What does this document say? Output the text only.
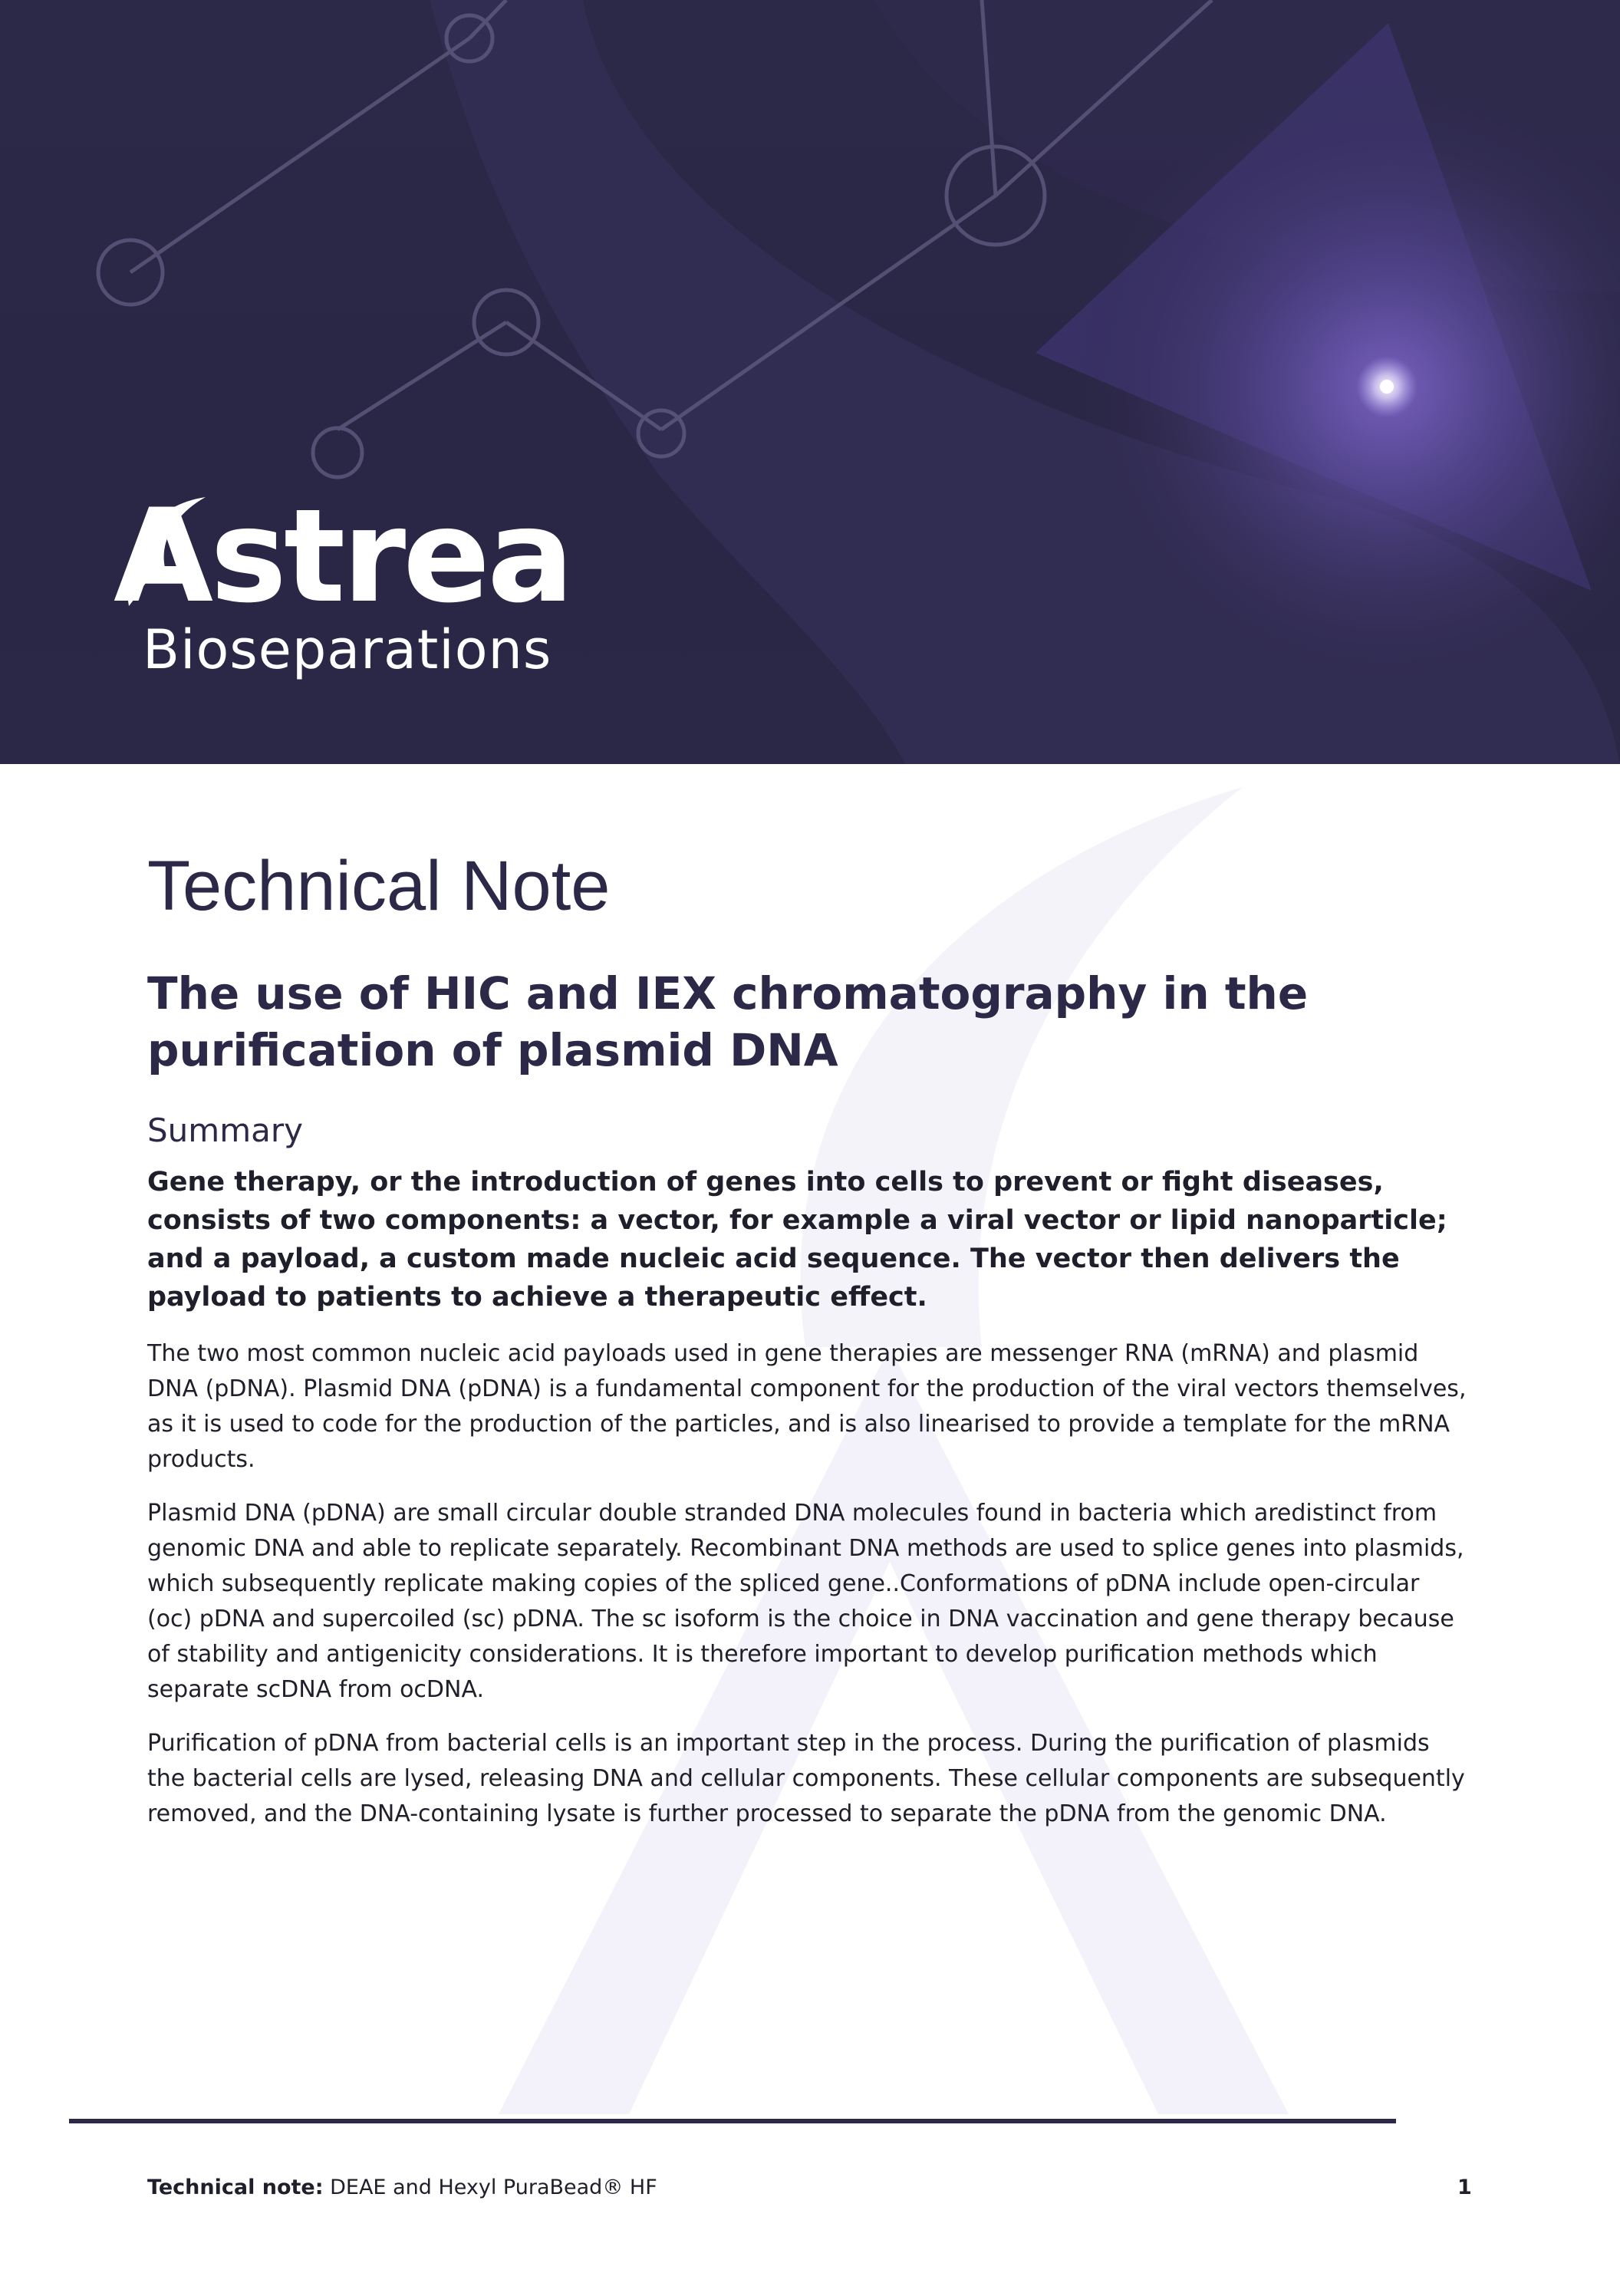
Astrea
Bioseparations
Technical Note
The use of HIC and IEX chromatography in the purification of plasmid DNA
Summary

Gene therapy, or the introduction of genes into cells to prevent or fight diseases, consists of two components: a vector, for example a viral vector or lipid nanoparticle; and a payload, a custom made nucleic acid sequence. The vector then delivers the payload to patients to achieve a therapeutic effect.

The two most common nucleic acid payloads used in gene therapies are messenger RNA (mRNA) and plasmid DNA (pDNA). Plasmid DNA (pDNA) is a fundamental component for the production of the viral vectors themselves, as it is used to code for the production of the particles, and is also linearised to provide a template for the mRNA products.

Plasmid DNA (pDNA) are small circular double stranded DNA molecules found in bacteria which aredistinct from genomic DNA and able to replicate separately. Recombinant DNA methods are used to splice genes into plasmids, which subsequently replicate making copies of the spliced gene..Conformations of pDNA include open-circular (oc) pDNA and supercoiled (sc) pDNA. The sc isoform is the choice in DNA vaccination and gene therapy because of stability and antigenicity considerations. It is therefore important to develop purification methods which separate scDNA from ocDNA.

Purification of pDNA from bacterial cells is an important step in the process. During the purification of plasmids the bacterial cells are lysed, releasing DNA and cellular components. These cellular components are subsequently removed, and the DNA-containing lysate is further processed to separate the pDNA from the genomic DNA.

Technical note: DEAE and Hexyl PuraBead® HF	1
